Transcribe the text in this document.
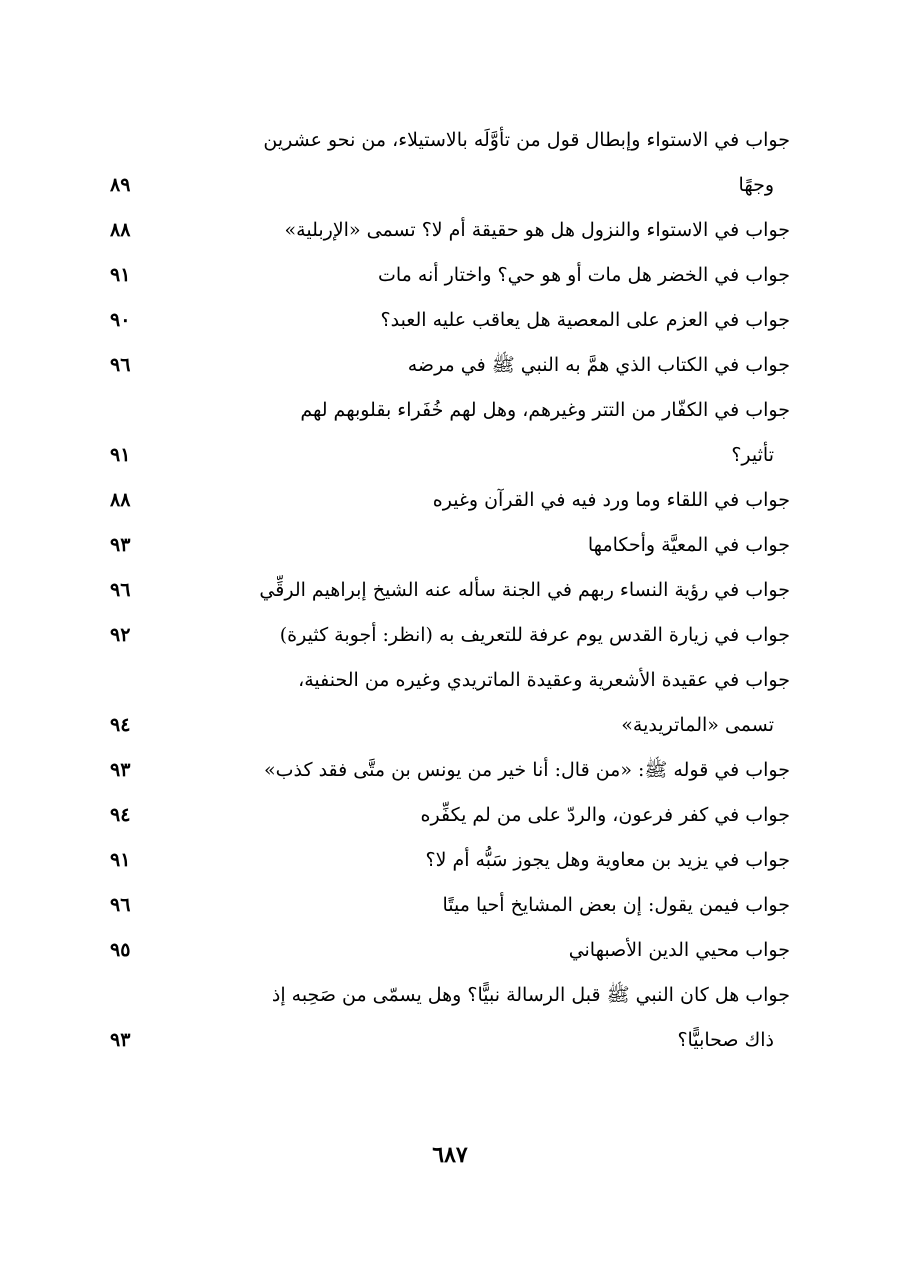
جواب في الاستواء وإبطال قول من تأوَّلَه بالاستيلاء، من نحو عشرين
وجهًا
٨٩
جواب في الاستواء والنزول هل هو حقيقة أم لا؟ تسمى «الإربلية»
٨٨
جواب في الخضر هل مات أو هو حي؟ واختار أنه مات
٩١
جواب في العزم على المعصية هل يعاقب عليه العبد؟
٩٠
جواب في الكتاب الذي همَّ به النبي ﷺ في مرضه
٩٦
جواب في الكفّار من التتر وغيرهم، وهل لهم خُفَراء بقلوبهم لهم
تأثير؟
٩١
جواب في اللقاء وما ورد فيه في القرآن وغيره
٨٨
جواب في المعيَّة وأحكامها
٩٣
جواب في رؤية النساء ربهم في الجنة سأله عنه الشيخ إبراهيم الرقِّي
٩٦
جواب في زيارة القدس يوم عرفة للتعريف به (انظر: أجوبة كثيرة)
٩٢
جواب في عقيدة الأشعرية وعقيدة الماتريدي وغيره من الحنفية،
تسمى «الماتريدية»
٩٤
جواب في قوله ﷺ: «من قال: أنا خير من يونس بن متَّى فقد كذب»
٩٣
جواب في كفر فرعون، والردّ على من لم يكفِّره
٩٤
جواب في يزيد بن معاوية وهل يجوز سَبُّه أم لا؟
٩١
جواب فيمن يقول: إن بعض المشايخ أحيا ميتًا
٩٦
جواب محيي الدين الأصبهاني
٩٥
جواب هل كان النبي ﷺ قبل الرسالة نبيًّا؟ وهل يسمّى من صَحِبه إذ
ذاك صحابيًّا؟
٩٣
٦٨٧
